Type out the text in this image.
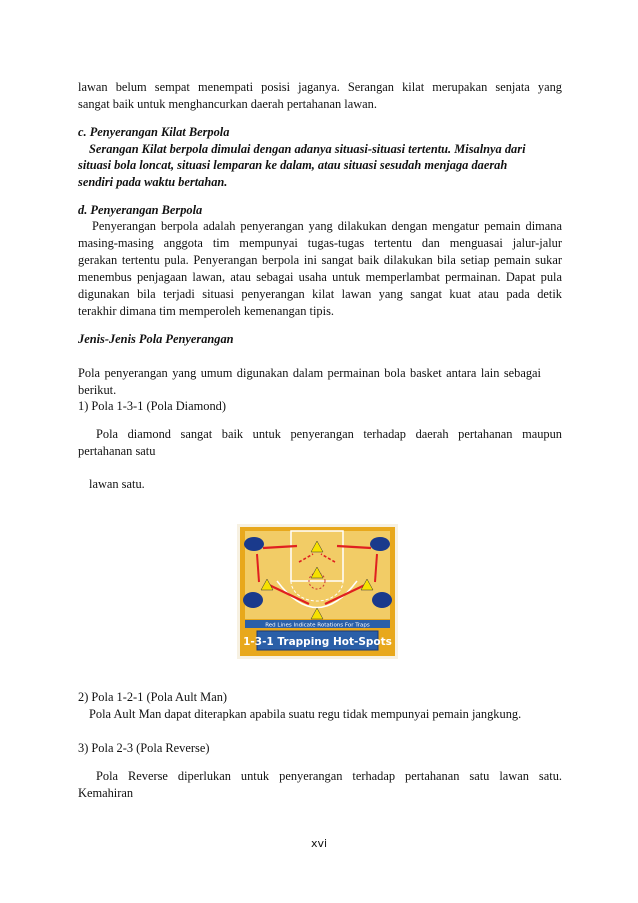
lawan belum sempat menempati posisi jaganya. Serangan kilat merupakan senjata yang
sangat baik untuk menghancurkan daerah pertahanan lawan.
c. Penyerangan Kilat Berpola
Serangan Kilat berpola dimulai dengan adanya situasi-situasi tertentu. Misalnya dari
situasi bola loncat, situasi lemparan ke dalam, atau situasi sesudah menjaga daerah
sendiri pada waktu bertahan.
d. Penyerangan Berpola
Penyerangan berpola adalah penyerangan yang dilakukan dengan mengatur pemain dimana
masing-masing anggota tim mempunyai tugas-tugas tertentu dan menguasai jalur-jalur
gerakan tertentu pula. Penyerangan berpola ini sangat baik dilakukan bila setiap pemain sukar
menembus penjagaan lawan, atau sebagai usaha untuk memperlambat permainan. Dapat pula
digunakan bila terjadi situasi penyerangan kilat lawan yang sangat kuat atau pada detik
terakhir dimana tim memperoleh kemenangan tipis.
Jenis-Jenis Pola Penyerangan
Pola penyerangan yang umum digunakan dalam permainan bola basket antara lain sebagai
berikut.
1) Pola 1-3-1 (Pola Diamond)
Pola diamond sangat baik untuk penyerangan terhadap daerah pertahanan maupun
pertahanan satu
lawan satu.
Red Lines Indicate Rotations For Traps
1-3-1 Trapping Hot-Spots
2) Pola 1-2-1 (Pola Ault Man)
Pola Ault Man dapat diterapkan apabila suatu regu tidak mempunyai pemain jangkung.
3) Pola 2-3 (Pola Reverse)
Pola Reverse diperlukan untuk penyerangan terhadap pertahanan satu lawan satu.
Kemahiran
xvi
